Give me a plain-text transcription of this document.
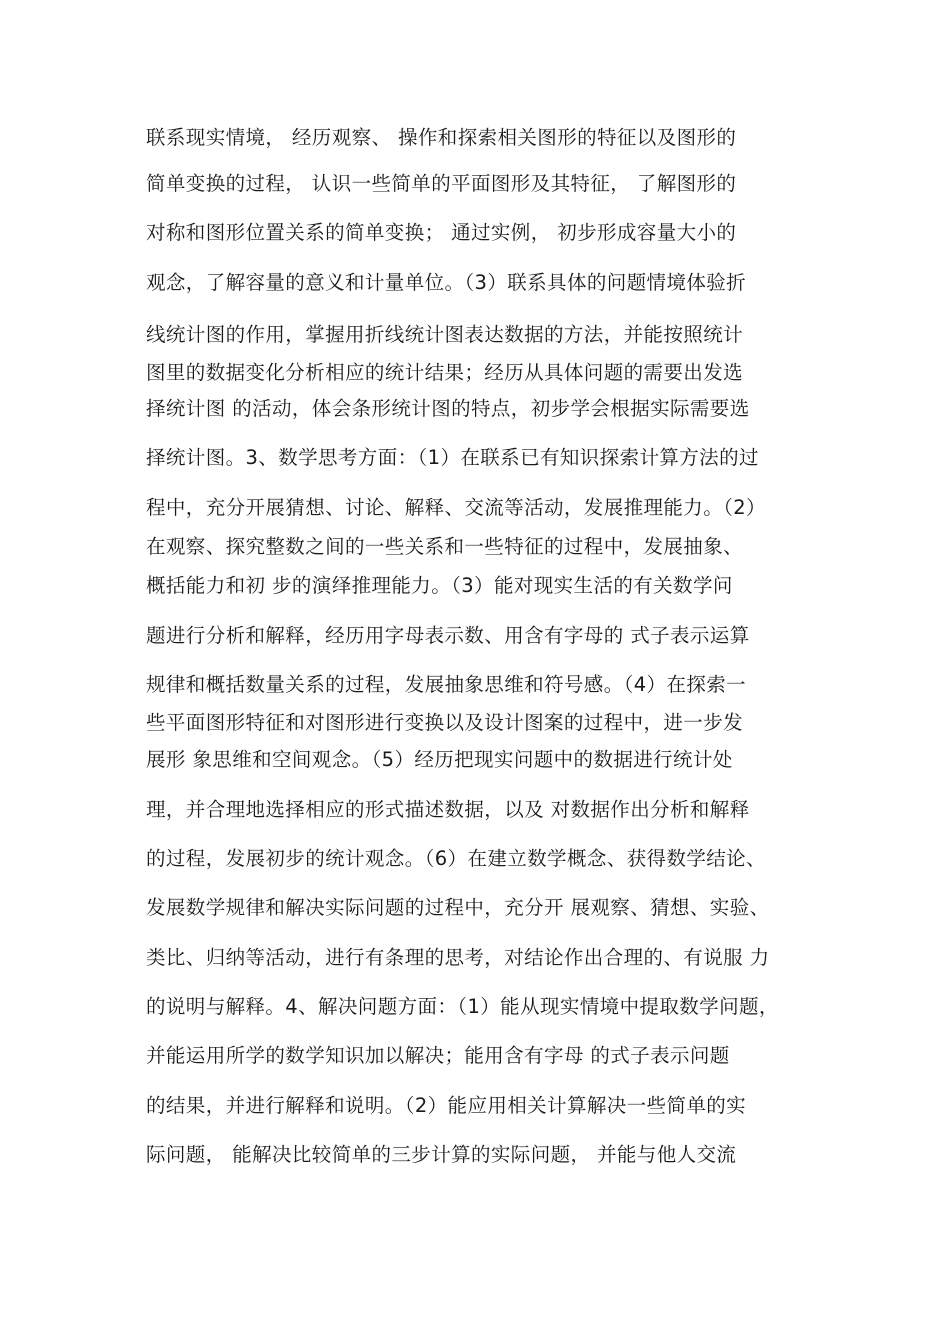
联系现实情境， 经历观察、 操作和探索相关图形的特征以及图形的
简单变换的过程， 认识一些简单的平面图形及其特征， 了解图形的
对称和图形位置关系的简单变换； 通过实例， 初步形成容量大小的
观念，了解容量的意义和计量单位。（3）联系具体的问题情境体验折
线统计图的作用，掌握用折线统计图表达数据的方法，并能按照统计
图里的数据变化分析相应的统计结果；经历从具体问题的需要出发选
择统计图 的活动，体会条形统计图的特点，初步学会根据实际需要选
择统计图。3、数学思考方面：（1）在联系已有知识探索计算方法的过
程中，充分开展猜想、讨论、解释、交流等活动，发展推理能力。（2）
在观察、探究整数之间的一些关系和一些特征的过程中，发展抽象、
概括能力和初 步的演绎推理能力。（3）能对现实生活的有关数学问
题进行分析和解释，经历用字母表示数、用含有字母的 式子表示运算
规律和概括数量关系的过程，发展抽象思维和符号感。（4）在探索一
些平面图形特征和对图形进行变换以及设计图案的过程中，进一步发
展形 象思维和空间观念。（5）经历把现实问题中的数据进行统计处
理，并合理地选择相应的形式描述数据，以及 对数据作出分析和解释
的过程，发展初步的统计观念。（6）在建立数学概念、获得数学结论、
发展数学规律和解决实际问题的过程中，充分开 展观察、猜想、实验、
类比、归纳等活动，进行有条理的思考，对结论作出合理的、有说服 力
的说明与解释。4、解决问题方面：（1）能从现实情境中提取数学问题，
并能运用所学的数学知识加以解决；能用含有字母 的式子表示问题
的结果，并进行解释和说明。（2）能应用相关计算解决一些简单的实
际问题， 能解决比较简单的三步计算的实际问题， 并能与他人交流
